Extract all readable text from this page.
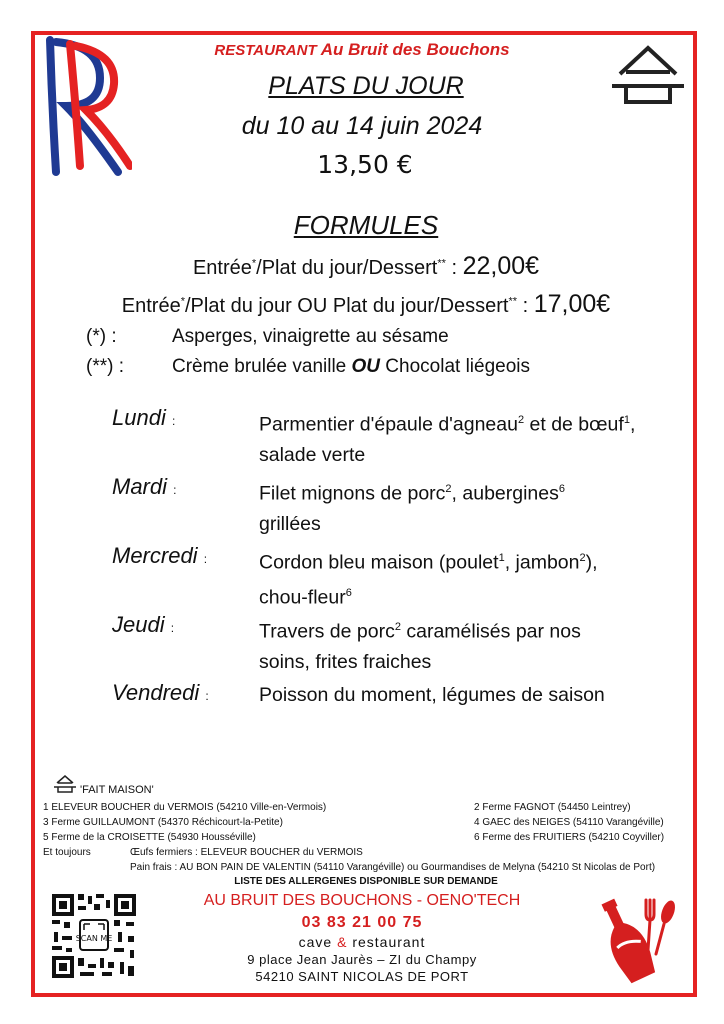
RESTAURANT Au Bruit des Bouchons
PLATS DU JOUR
du 10 au 14 juin 2024
13,50 €
FORMULES
Entrée*/Plat du jour/Dessert** : 22,00€
Entrée*/Plat du jour OU Plat du jour/Dessert** : 17,00€
(*) :	Asperges, vinaigrette au sésame
(**) :	Crème brulée vanille OU Chocolat liégeois
Lundi :	Parmentier d'épaule d'agneau$^2$ et de bœuf$^1$,
salade verte
Mardi :	Filet mignons de porc$^2$, aubergines$^6$
grillées
Mercredi :	Cordon bleu maison (poulet$^1$, jambon$^2$),
chou-fleur$^6$
Jeudi :	Travers de porc$^2$ caramélisés par nos
soins, frites fraiches
Vendredi :	Poisson du moment, légumes de saison
'FAIT MAISON'
1 ELEVEUR BOUCHER du VERMOIS (54210 Ville-en-Vermois)
3 Ferme GUILLAUMONT (54370 Réchicourt-la-Petite)
5 Ferme de la CROISETTE (54930 Housséville)
2 Ferme FAGNOT (54450 Leintrey)
4 GAEC des NEIGES (54110 Varangéville)
6 Ferme des FRUITIERS (54210 Coyviller)
Et toujours	Œufs fermiers : ELEVEUR BOUCHER du VERMOIS
Pain frais : AU BON PAIN DE VALENTIN (54110 Varangéville) ou Gourmandises de Melyna (54210 St Nicolas de Port)
LISTE DES ALLERGENES DISPONIBLE SUR DEMANDE
SCAN ME
AU BRUIT DES BOUCHONS - OENO'TECH
03 83 21 00 75
cave & restaurant
9 place Jean Jaurès – ZI du Champy
54210 SAINT NICOLAS DE PORT
